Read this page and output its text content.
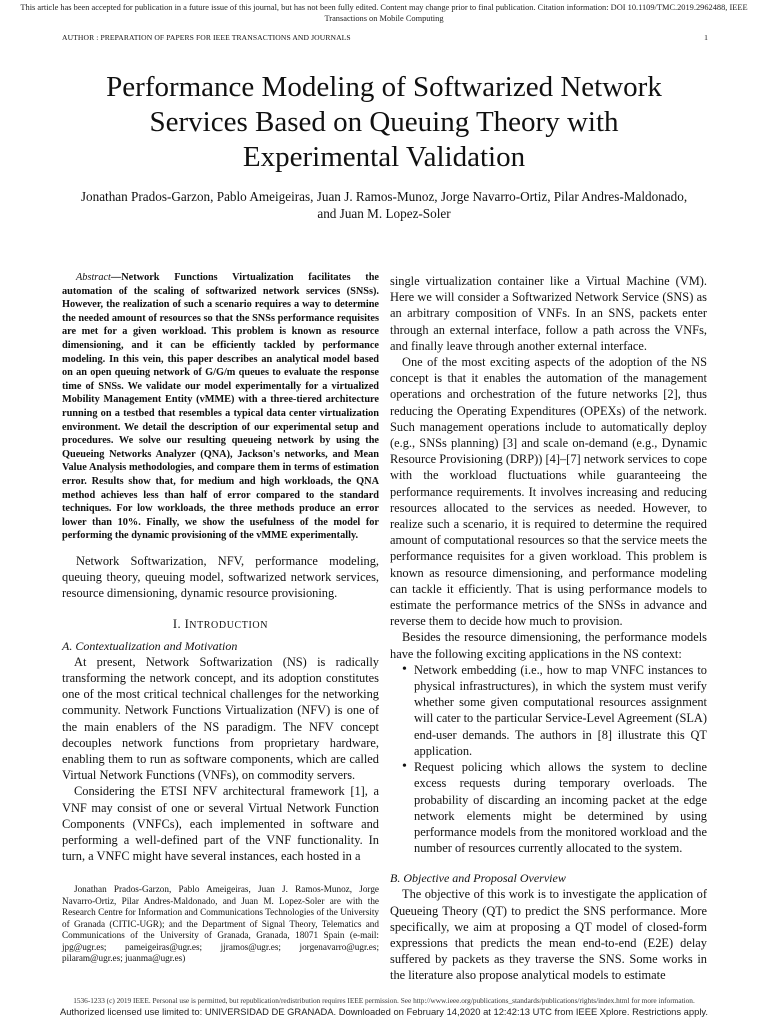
This article has been accepted for publication in a future issue of this journal, but has not been fully edited. Content may change prior to final publication. Citation information: DOI 10.1109/TMC.2019.2962488, IEEE
Transactions on Mobile Computing
AUTHOR : PREPARATION OF PAPERS FOR IEEE TRANSACTIONS AND JOURNALS	1
Performance Modeling of Softwarized Network
Services Based on Queuing Theory with
Experimental Validation
Jonathan Prados-Garzon, Pablo Ameigeiras, Juan J. Ramos-Munoz, Jorge Navarro-Ortiz, Pilar Andres-Maldonado,
and Juan M. Lopez-Soler
Abstract—Network Functions Virtualization facilitates the automation of the scaling of softwarized network services (SNSs). However, the realization of such a scenario requires a way to determine the needed amount of resources so that the SNSs performance requisites are met for a given workload. This problem is known as resource dimensioning, and it can be efficiently tackled by performance modeling. In this vein, this paper describes an analytical model based on an open queuing network of G/G/m queues to evaluate the response time of SNSs. We validate our model experimentally for a virtualized Mobility Management Entity (vMME) with a three-tiered architecture running on a testbed that resembles a typical data center virtualization environment. We detail the description of our experimental setup and procedures. We solve our resulting queueing network by using the Queueing Networks Analyzer (QNA), Jackson's networks, and Mean Value Analysis methodologies, and compare them in terms of estimation error. Results show that, for medium and high workloads, the QNA method achieves less than half of error compared to the standard techniques. For low workloads, the three methods produce an error lower than 10%. Finally, we show the usefulness of the model for performing the dynamic provisioning of the vMME experimentally.
Network Softwarization, NFV, performance modeling, queuing theory, queuing model, softwarized network services, resource dimensioning, dynamic resource provisioning.
I. INTRODUCTION
A. Contextualization and Motivation

At present, Network Softwarization (NS) is radically transforming the network concept, and its adoption constitutes one of the most critical technical challenges for the networking community. Network Functions Virtualization (NFV) is one of the main enablers of the NS paradigm. The NFV concept decouples network functions from proprietary hardware, enabling them to run as software components, which are called Virtual Network Functions (VNFs), on commodity servers.

Considering the ETSI NFV architectural framework [1], a VNF may consist of one or several Virtual Network Function Components (VNFCs), each implemented in software and performing a well-defined part of the VNF functionality. In turn, a VNFC might have several instances, each hosted in a

Jonathan Prados-Garzon, Pablo Ameigeiras, Juan J. Ramos-Munoz, Jorge Navarro-Ortiz, Pilar Andres-Maldonado, and Juan M. Lopez-Soler are with the Research Centre for Information and Communications Technologies of the University of Granada (CITIC-UGR); and the Department of Signal Theory, Telematics and Communications of the University of Granada, Granada, 18071 Spain (e-mail: jpg@ugr.es; pameigeiras@ugr.es; jjramos@ugr.es; jorgenavarro@ugr.es; pilaram@ugr.es; juanma@ugr.es)

single virtualization container like a Virtual Machine (VM). Here we will consider a Softwarized Network Service (SNS) as an arbitrary composition of VNFs. In an SNS, packets enter through an external interface, follow a path across the VNFs, and finally leave through another external interface.

One of the most exciting aspects of the adoption of the NS concept is that it enables the automation of the management operations and orchestration of the future networks [2], thus reducing the Operating Expenditures (OPEXs) of the network. Such management operations include to automatically deploy (e.g., SNSs planning) [3] and scale on-demand (e.g., Dynamic Resource Provisioning (DRP)) [4]–[7] network services to cope with the workload fluctuations while guaranteeing the performance requirements. It involves increasing and reducing resources allocated to the services as needed. However, to realize such a scenario, it is required to determine the required amount of computational resources so that the service meets the performance requisites for a given workload. This problem is known as resource dimensioning, and performance modeling can tackle it efficiently. That is using performance models to estimate the performance metrics of the SNSs in advance and reverse them to decide how much to provision.

Besides the resource dimensioning, the performance models have the following exciting applications in the NS context:

• Network embedding (i.e., how to map VNFC instances to physical infrastructures), in which the system must verify whether some given computational resources assignment will cater to the particular Service-Level Agreement (SLA) end-user demands. The authors in [8] illustrate this QT application.
• Request policing which allows the system to decline excess requests during temporary overloads. The probability of discarding an incoming packet at the edge network elements might be determined by using performance models from the monitored workload and the number of resources currently allocated to the system.
B. Objective and Proposal Overview

The objective of this work is to investigate the application of Queueing Theory (QT) to predict the SNS performance. More specifically, we aim at proposing a QT model of closed-form expressions that predicts the mean end-to-end (E2E) delay suffered by packets as they traverse the SNS. Some works in the literature also propose analytical models to estimate

1536-1233 (c) 2019 IEEE. Personal use is permitted, but republication/redistribution requires IEEE permission. See http://www.ieee.org/publications_standards/publications/rights/index.html for more information.
Authorized licensed use limited to: UNIVERSIDAD DE GRANADA. Downloaded on February 14,2020 at 12:42:13 UTC from IEEE Xplore. Restrictions apply.
